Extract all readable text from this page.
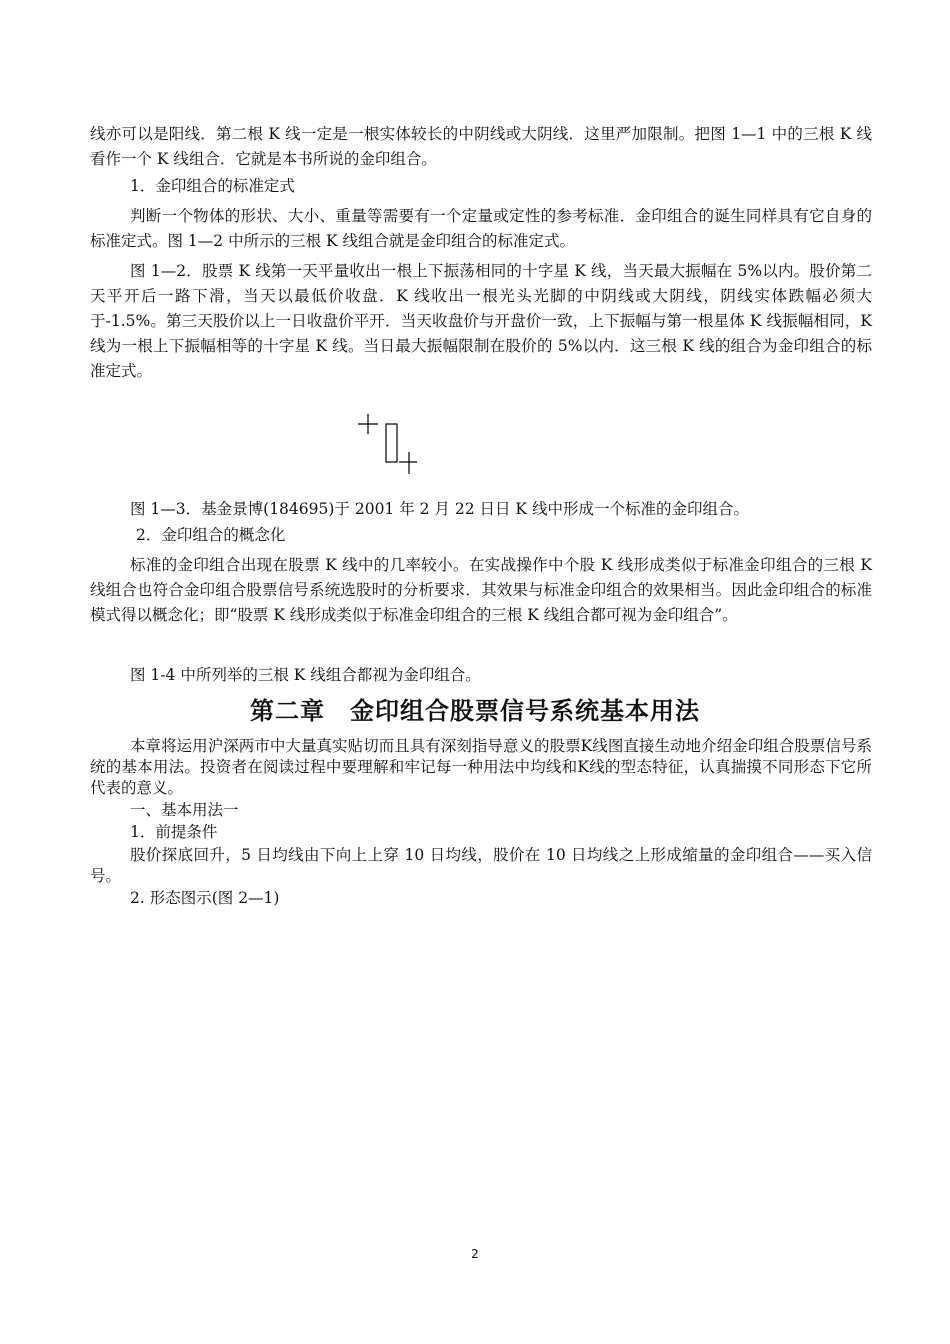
线亦可以是阳线．第二根 K 线一定是一根实体较长的中阴线或大阴线．这里严加限制。把图 1—1 中的三根 K 线看作一个 K 线组合．它就是本书所说的金印组合。

1．金印组合的标准定式

判断一个物体的形状、大小、重量等需要有一个定量或定性的参考标准．金印组合的诞生同样具有它自身的标准定式。图 1—2 中所示的三根 K 线组合就是金印组合的标准定式。

图 1—2．股票 K 线第一天平量收出一根上下振荡相同的十字星 K 线，当天最大振幅在 5%以内。股价第二天平开后一路下滑，当天以最低价收盘．K 线收出一根光头光脚的中阴线或大阴线，阴线实体跌幅必须大于-1.5%。第三天股价以上一日收盘价平开．当天收盘价与开盘价一致，上下振幅与第一根星体 K 线振幅相同，K 线为一根上下振幅相等的十字星 K 线。当日最大振幅限制在股价的 5%以内．这三根 K 线的组合为金印组合的标准定式。

图 1—3．基金景博(184695)于 2001 年 2 月 22 日日 K 线中形成一个标准的金印组合。

2．金印组合的概念化

标准的金印组合出现在股票 K 线中的几率较小。在实战操作中个股 K 线形成类似于标准金印组合的三根 K 线组合也符合金印组合股票信号系统选股时的分析要求．其效果与标准金印组合的效果相当。因此金印组合的标准模式得以概念化；即“股票 K 线形成类似于标准金印组合的三根 K 线组合都可视为金印组合”。

图 1-4 中所列举的三根 K 线组合都视为金印组合。

第二章　金印组合股票信号系统基本用法

本章将运用沪深两市中大量真实贴切而且具有深刻指导意义的股票K线图直接生动地介绍金印组合股票信号系统的基本用法。投资者在阅读过程中要理解和牢记每一种用法中均线和K线的型态特征，认真揣摸不同形态下它所代表的意义。

一、基本用法一

1．前提条件

股价探底回升，5 日均线由下向上上穿 10 日均线，股价在 10 日均线之上形成缩量的金印组合——买入信号。

2. 形态图示(图 2—1)

2
